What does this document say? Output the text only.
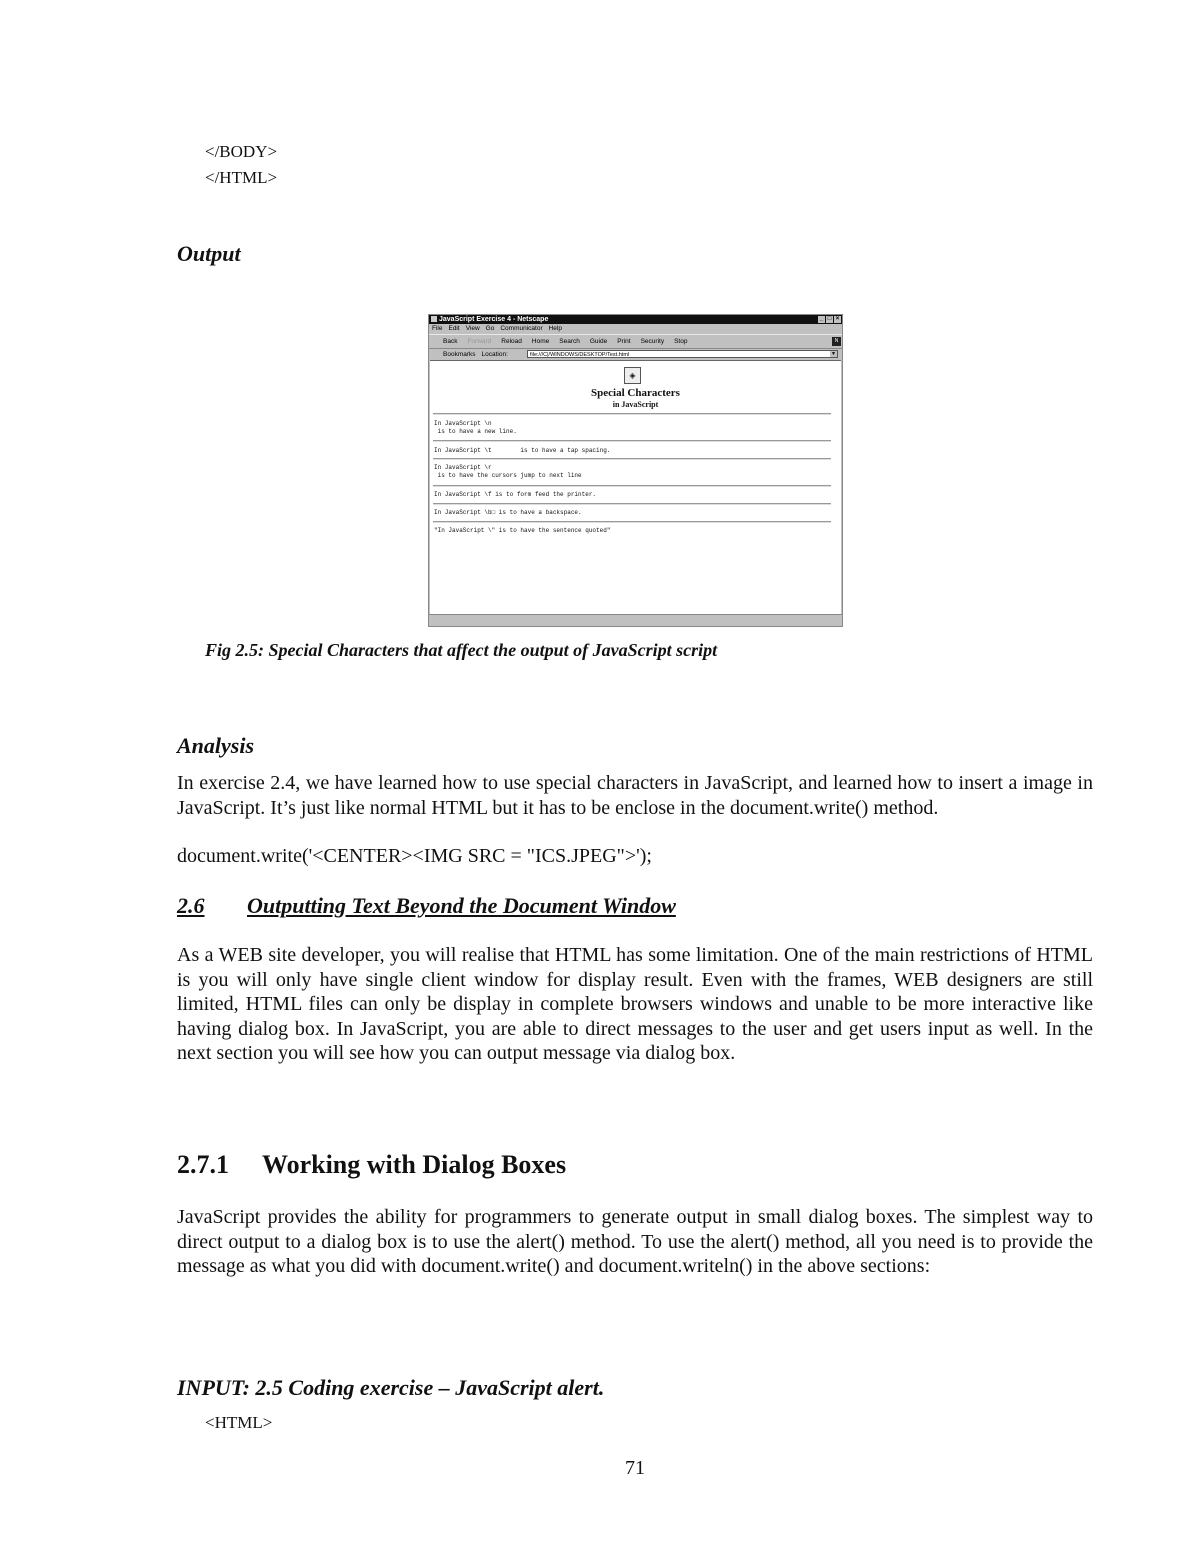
</BODY>
</HTML>
Output
JavaScript Exercise 4 - Netscape	_ □ ×
File Edit View Go Communicator Help
Back Forward Reload Home Search Guide Print Security Stop	N
Bookmarks Location:	file:///C|/WINDOWS/DESKTOP/Test.html	▼
◈
Special Characters
in JavaScript
In JavaScript \n
is to have a new line.
In JavaScript \t        is to have a tap spacing.
In JavaScript \r
is to have the cursors jump to next line
In JavaScript \f is to form feed the printer.
In JavaScript \b□ is to have a backspace.
"In JavaScript \" is to have the sentence quoted"
Fig 2.5: Special Characters that affect the output of JavaScript script
Analysis
In exercise 2.4, we have learned how to use special characters in JavaScript, and learned how to insert a image in JavaScript. It’s just like normal HTML but it has to be enclose in the document.write() method.
document.write('<CENTER><IMG SRC = "ICS.JPEG">');
2.6 Outputting Text Beyond the Document Window
As a WEB site developer, you will realise that HTML has some limitation. One of the main restrictions of HTML is you will only have single client window for display result. Even with the frames, WEB designers are still limited, HTML files can only be display in complete browsers windows and unable to be more interactive like having dialog box. In JavaScript, you are able to direct messages to the user and get users input as well. In the next section you will see how you can output message via dialog box.
2.7.1 Working with Dialog Boxes
JavaScript provides the ability for programmers to generate output in small dialog boxes. The simplest way to direct output to a dialog box is to use the alert() method. To use the alert() method, all you need is to provide the message as what you did with document.write() and document.writeln() in the above sections:
INPUT: 2.5 Coding exercise – JavaScript alert.
<HTML>
71
